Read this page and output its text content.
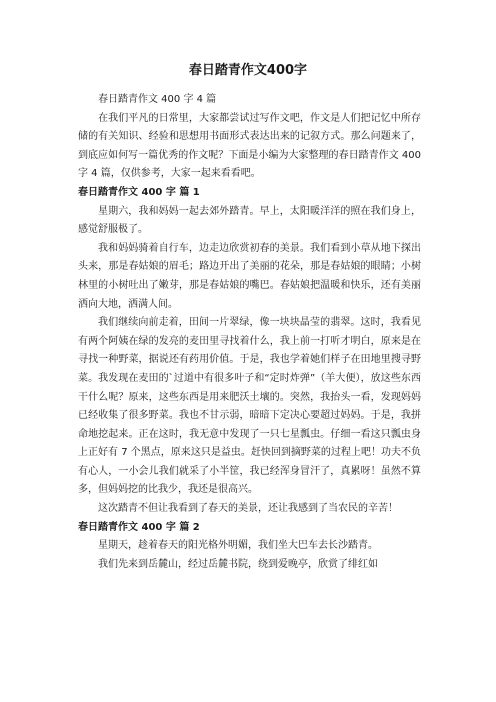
春日踏青作文400字

春日踏青作文 400 字 4 篇

在我们平凡的日常里，大家都尝试过写作文吧，作文是人们把记忆中所存储的有关知识、经验和思想用书面形式表达出来的记叙方式。那么问题来了，到底应如何写一篇优秀的作文呢？下面是小编为大家整理的春日踏青作文 400 字 4 篇，仅供参考，大家一起来看看吧。

春日踏青作文 400 字 篇 1

星期六，我和妈妈一起去郊外踏青。早上，太阳暖洋洋的照在我们身上，感觉舒服极了。

我和妈妈骑着自行车，边走边欣赏初春的美景。我们看到小草从地下探出头来，那是春姑娘的眉毛；路边开出了美丽的花朵，那是春姑娘的眼睛；小树林里的小树吐出了嫩芽，那是春姑娘的嘴巴。春姑娘把温暖和快乐，还有美丽洒向大地，洒满人间。

我们继续向前走着，田间一片翠绿，像一块块晶莹的翡翠。这时，我看见有两个阿姨在绿的发亮的麦田里寻找着什么，我上前一打听才明白，原来是在寻找一种野菜，据说还有药用价值。于是，我也学着她们样子在田地里搜寻野菜。我发现在麦田的`过道中有很多叶子和“定时炸弹”（羊大便），放这些东西干什么呢？原来，这些东西是用来肥沃土壤的。突然，我抬头一看，发现妈妈已经收集了很多野菜。我也不甘示弱，暗暗下定决心要超过妈妈。于是，我拼命地挖起来。正在这时，我无意中发现了一只七星瓢虫。仔细一看这只瓢虫身上正好有 7 个黑点，原来这只是益虫。赶快回到摘野菜的过程上吧！功夫不负有心人，一小会儿我们就采了小半筐，我已经浑身冒汗了，真累呀！虽然不算多，但妈妈挖的比我少，我还是很高兴。

这次踏青不但让我看到了春天的美景，还让我感到了当农民的辛苦！

春日踏青作文 400 字 篇 2

星期天，趁着春天的阳光格外明媚，我们坐大巴车去长沙踏青。

我们先来到岳麓山，经过岳麓书院，绕到爱晚亭，欣赏了绯红如
